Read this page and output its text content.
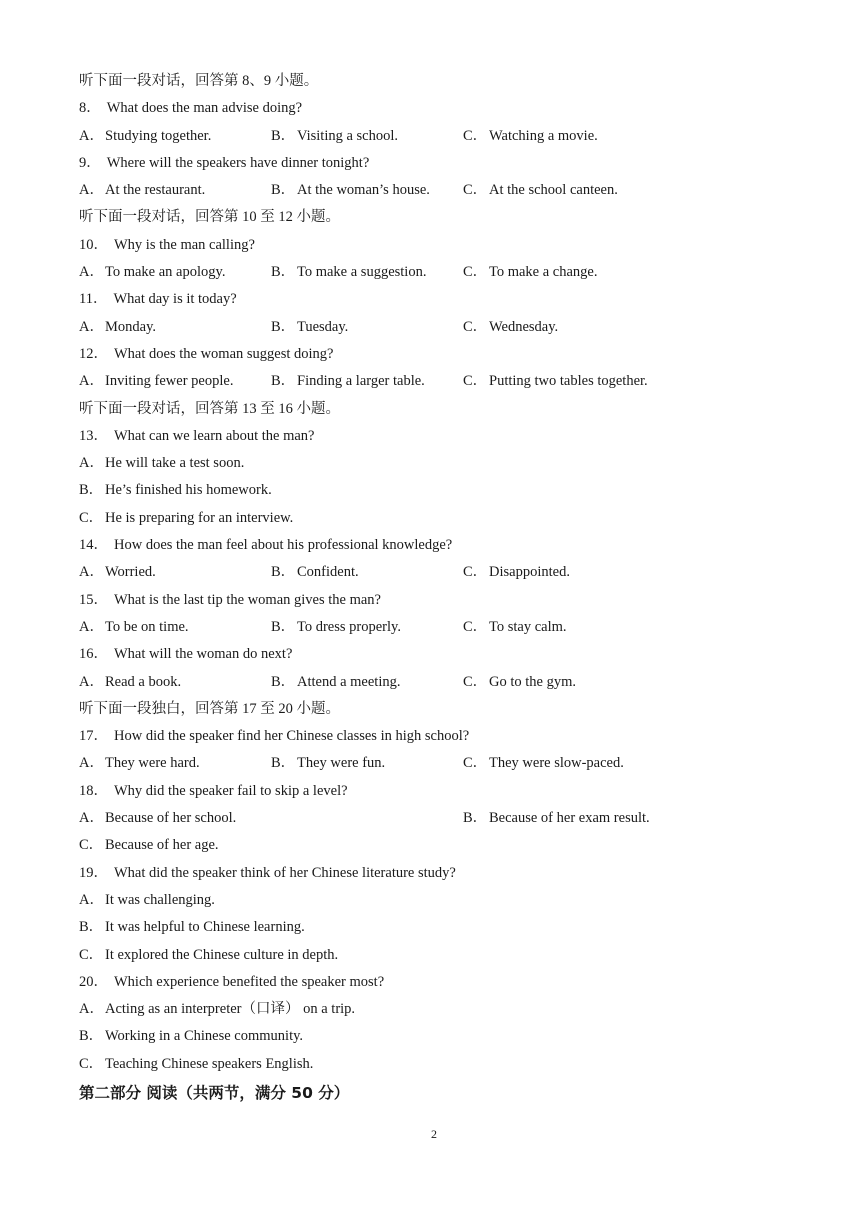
听下面一段对话，回答第 8、9 小题。
8． What does the man advise doing?
A．Studying together.	B． Visiting a school.	C． Watching a movie.
9． Where will the speakers have dinner tonight?
A．At the restaurant.	B． At the woman’s house. C． At the school canteen.
听下面一段对话，回答第 10 至 12 小题。
10． Why is the man calling?
A．To make an apology.	B． To make a suggestion.	C． To make a change.
11． What day is it today?
A．Monday.	B． Tuesday.	C． Wednesday.
12． What does the woman suggest doing?
A．Inviting fewer people.	B． Finding a larger table.	C． Putting two tables together.
听下面一段对话，回答第 13 至 16 小题。
13． What can we learn about the man?
A．He will take a test soon.
B． He’s finished his homework.
C． He is preparing for an interview.
14． How does the man feel about his professional knowledge?
A．Worried.	B． Confident.	C． Disappointed.
15． What is the last tip the woman gives the man?
A．To be on time.	B． To dress properly.	C． To stay calm.
16． What will the woman do next?
A．Read a book.	B． Attend a meeting.	C． Go to the gym.
听下面一段独白，回答第 17 至 20 小题。
17． How did the speaker find her Chinese classes in high school?
A．They were hard.	B． They were fun.	C． They were slow-paced.
18． Why did the speaker fail to skip a level?
A．Because of her school.	B． Because of her exam result.
C． Because of her age.
19． What did the speaker think of her Chinese literature study?
A．It was challenging.
B． It was helpful to Chinese learning.
C． It explored the Chinese culture in depth.
20． Which experience benefited the speaker most?
A．Acting as an interpreter（口译） on a trip.
B． Working in a Chinese community.
C． Teaching Chinese speakers English.
第二部分 阅读（共两节，满分 50 分）
2
